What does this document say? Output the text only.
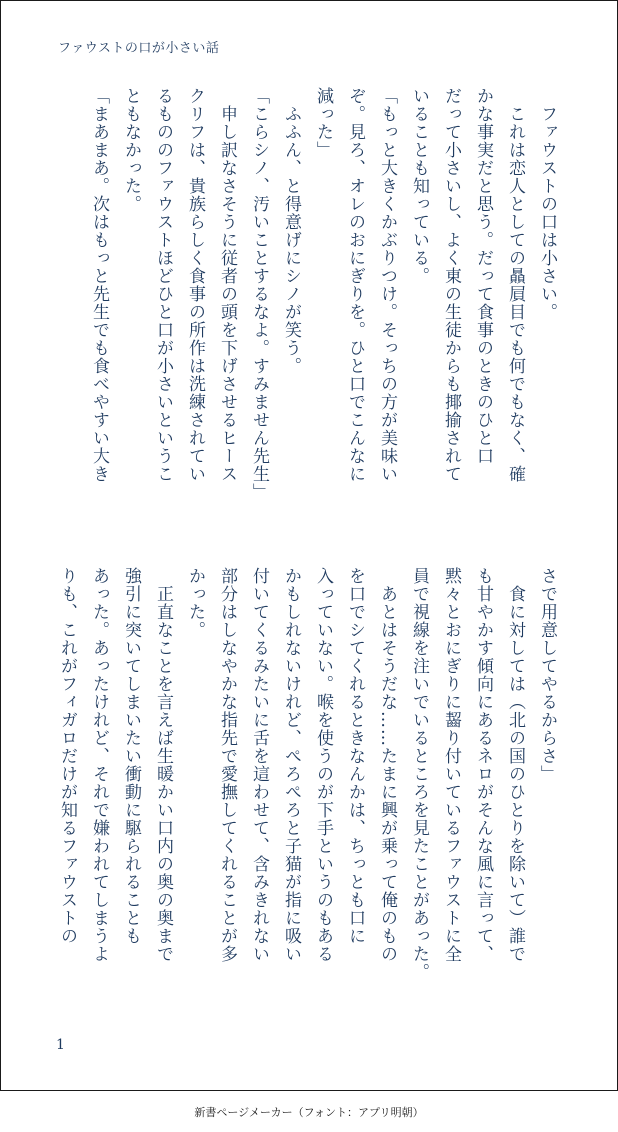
ファウストの口が小さい話

　ファウストの口は小さい。

　これは恋人としての贔屓目でも何でもなく、確

かな事実だと思う。だって食事のときのひと口

だって小さいし、よく東の生徒からも揶揄されて

いることも知っている。

「もっと大きくかぶりつけ。そっちの方が美味い

ぞ。見ろ、オレのおにぎりを。ひと口でこんなに

減った」

　ふふん、と得意げにシノが笑う。

「こらシノ、汚いことするなよ。すみません先生」

　申し訳なさそうに従者の頭を下げさせるヒース

クリフは、貴族らしく食事の所作は洗練されてい

るもののファウストほどひと口が小さいというこ

ともなかった。

「まあまあ。次はもっと先生でも食べやすい大き

さで用意してやるからさ」

　食に対しては（北の国のひとりを除いて）誰で

も甘やかす傾向にあるネロがそんな風に言って、

黙々とおにぎりに齧り付いているファウストに全

員で視線を注いでいるところを見たことがあった。

　あとはそうだな……たまに興が乗って俺のもの

を口でシてくれるときなんかは、ちっとも口に

入っていない。喉を使うのが下手というのもある

かもしれないけれど、ぺろぺろと子猫が指に吸い

付いてくるみたいに舌を這わせて、含みきれない

部分はしなやかな指先で愛撫してくれることが多

かった。

　正直なことを言えば生暖かい口内の奥の奥まで

強引に突いてしまいたい衝動に駆られることも

あった。あったけれど、それで嫌われてしまうよ

りも、これがフィガロだけが知るファウストの

1
新書ページメーカー（フォント：アプリ明朝）
